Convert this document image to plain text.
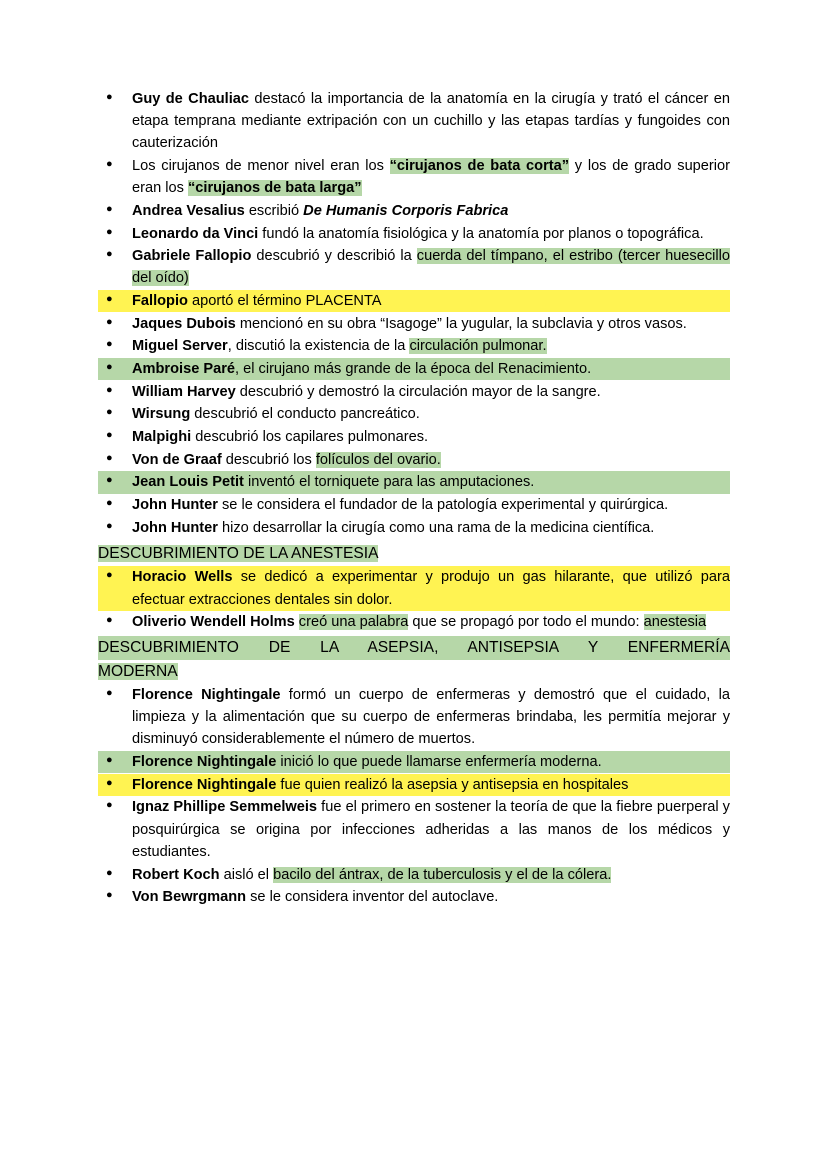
● Guy de Chauliac destacó la importancia de la anatomía en la cirugía y trató el cáncer en etapa temprana mediante extripación con un cuchillo y las etapas tardías y fungoides con cauterización
● Los cirujanos de menor nivel eran los “cirujanos de bata corta” y los de grado superior eran los “cirujanos de bata larga”
● Andrea Vesalius escribió De Humanis Corporis Fabrica
● Leonardo da Vinci fundó la anatomía fisiológica y la anatomía por planos o topográfica.
● Gabriele Fallopio descubrió y describió la cuerda del tímpano, el estribo (tercer huesecillo del oído)
● Fallopio aportó el término PLACENTA
● Jaques Dubois mencionó en su obra “Isagoge” la yugular, la subclavia y otros vasos.
● Miguel Server, discutió la existencia de la circulación pulmonar.
● Ambroise Paré, el cirujano más grande de la época del Renacimiento.
● William Harvey descubrió y demostró la circulación mayor de la sangre.
● Wirsung descubrió el conducto pancreático.
● Malpighi descubrió los capilares pulmonares.
● Von de Graaf descubrió los folículos del ovario.
● Jean Louis Petit inventó el torniquete para las amputaciones.
● John Hunter se le considera el fundador de la patología experimental y quirúrgica.
● John Hunter hizo desarrollar la cirugía como una rama de la medicina científica.
DESCUBRIMIENTO DE LA ANESTESIA
● Horacio Wells se dedicó a experimentar y produjo un gas hilarante, que utilizó para efectuar extracciones dentales sin dolor.
● Oliverio Wendell Holms creó una palabra que se propagó por todo el mundo: anestesia
DESCUBRIMIENTO DE LA ASEPSIA, ANTISEPSIA Y ENFERMERÍA
MODERNA
● Florence Nightingale formó un cuerpo de enfermeras y demostró que el cuidado, la limpieza y la alimentación que su cuerpo de enfermeras brindaba, les permitía mejorar y disminuyó considerablemente el número de muertos.
● Florence Nightingale inició lo que puede llamarse enfermería moderna.
● Florence Nightingale fue quien realizó la asepsia y antisepsia en hospitales
● Ignaz Phillipe Semmelweis fue el primero en sostener la teoría de que la fiebre puerperal y posquirúrgica se origina por infecciones adheridas a las manos de los médicos y estudiantes.
● Robert Koch aisló el bacilo del ántrax, de la tuberculosis y el de la cólera.
● Von Bewrgmann se le considera inventor del autoclave.
